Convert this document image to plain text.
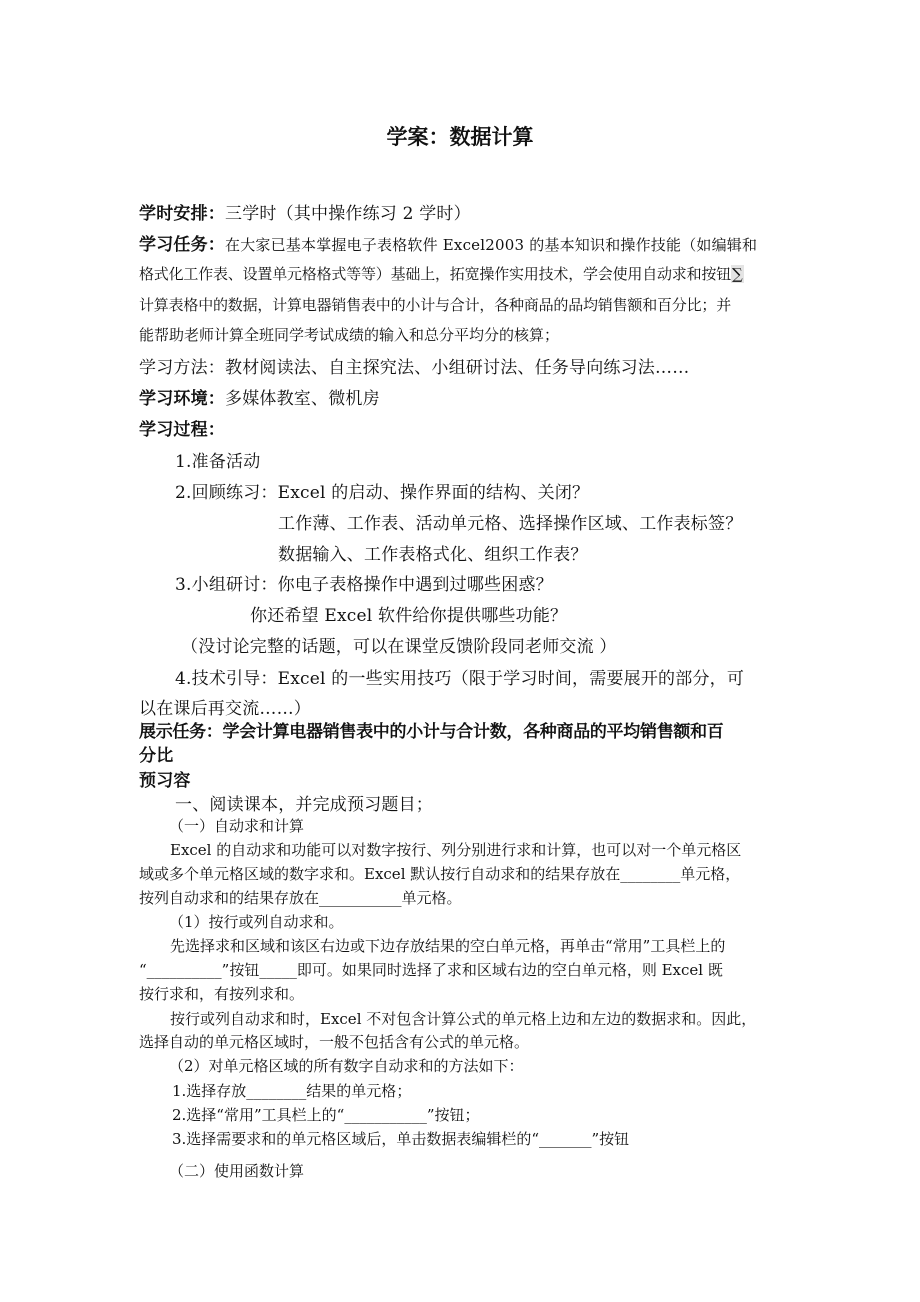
学案：数据计算
学时安排：三学时（其中操作练习 2 学时）
学习任务：在大家已基本掌握电子表格软件 Excel2003 的基本知识和操作技能（如编辑和
格式化工作表、设置单元格格式等等）基础上，拓宽操作实用技术，学会使用自动求和按钮∑
计算表格中的数据，计算电器销售表中的小计与合计，各种商品的品均销售额和百分比；并
能帮助老师计算全班同学考试成绩的输入和总分平均分的核算；
学习方法：教材阅读法、自主探究法、小组研讨法、任务导向练习法……
学习环境：多媒体教室、微机房
学习过程：
1.准备活动
2.回顾练习：Excel 的启动、操作界面的结构、关闭？
工作薄、工作表、活动单元格、选择操作区域、工作表标签？
数据输入、工作表格式化、组织工作表？
3.小组研讨：你电子表格操作中遇到过哪些困惑？
你还希望 Excel 软件给你提供哪些功能？
（没讨论完整的话题，可以在课堂反馈阶段同老师交流 ）
4.技术引导：Excel 的一些实用技巧（限于学习时间，需要展开的部分，可
以在课后再交流……）
展示任务：学会计算电器销售表中的小计与合计数，各种商品的平均销售额和百
分比
预习容
一、阅读课本，并完成预习题目；
（一）自动求和计算
Excel 的自动求和功能可以对数字按行、列分别进行求和计算，也可以对一个单元格区
域或多个单元格区域的数字求和。Excel 默认按行自动求和的结果存放在________单元格，
按列自动求和的结果存放在___________单元格。
（1）按行或列自动求和。
先选择求和区域和该区右边或下边存放结果的空白单元格，再单击“常用”工具栏上的
“__________”按钮_____即可。如果同时选择了求和区域右边的空白单元格，则 Excel 既
按行求和，有按列求和。
按行或列自动求和时，Excel 不对包含计算公式的单元格上边和左边的数据求和。因此，
选择自动的单元格区域时，一般不包括含有公式的单元格。
（2）对单元格区域的所有数字自动求和的方法如下：
1.选择存放________结果的单元格；
2.选择“常用”工具栏上的“___________”按钮；
3.选择需要求和的单元格区域后，单击数据表编辑栏的“_______”按钮
（二）使用函数计算
